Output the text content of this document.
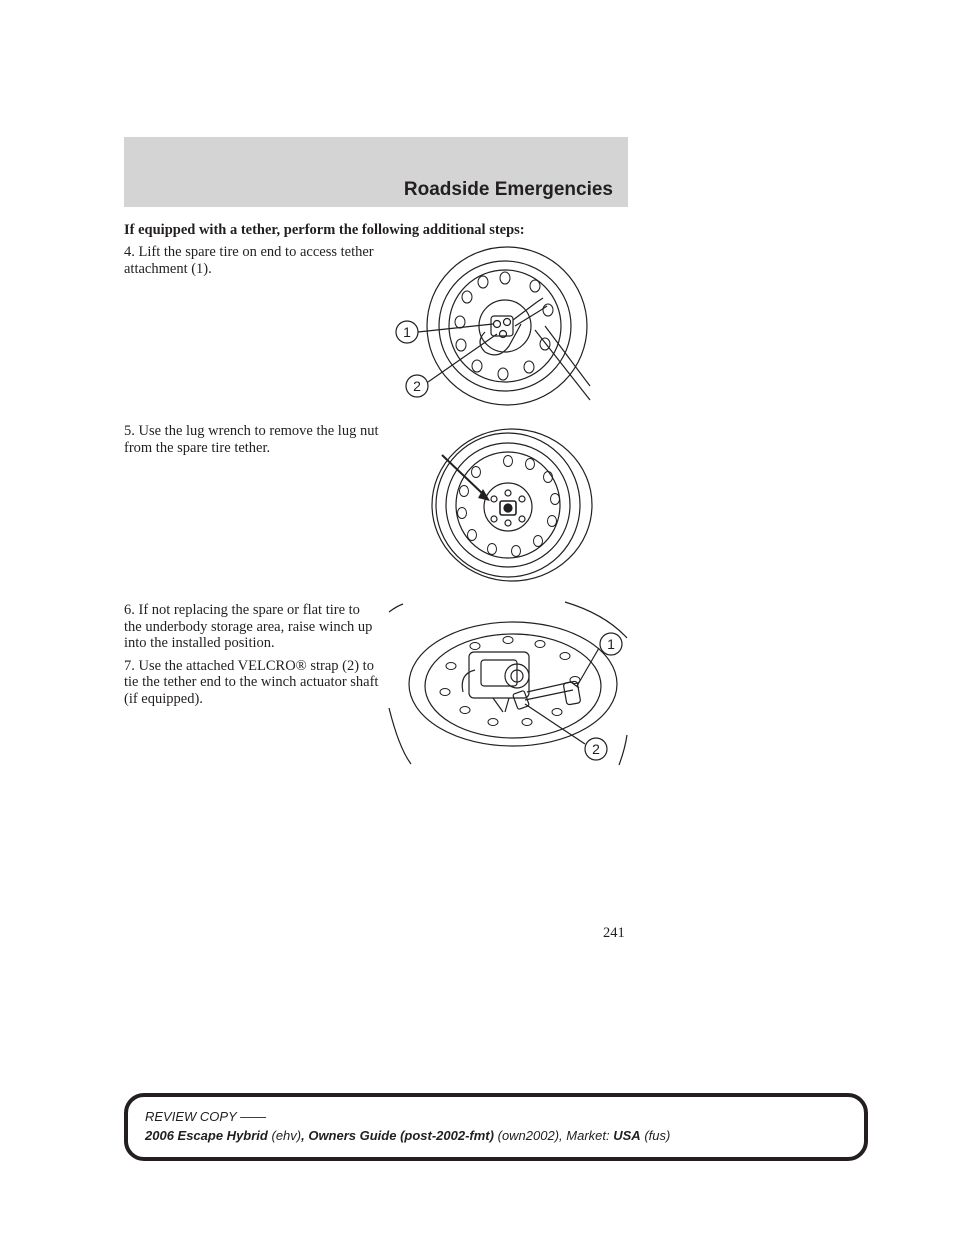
Roadside Emergencies
If equipped with a tether, perform the following additional steps:

4. Lift the spare tire on end to access tether attachment (1).

5. Use the lug wrench to remove the lug nut from the spare tire tether.

6. If not replacing the spare or flat tire to the underbody storage area, raise winch up into the installed position.

7. Use the attached VELCRO® strap (2) to tie the tether end to the winch actuator shaft (if equipped).

1
2
1
2
241
REVIEW COPY ——
2006 Escape Hybrid (ehv), Owners Guide (post-2002-fmt) (own2002), Market: USA (fus)
